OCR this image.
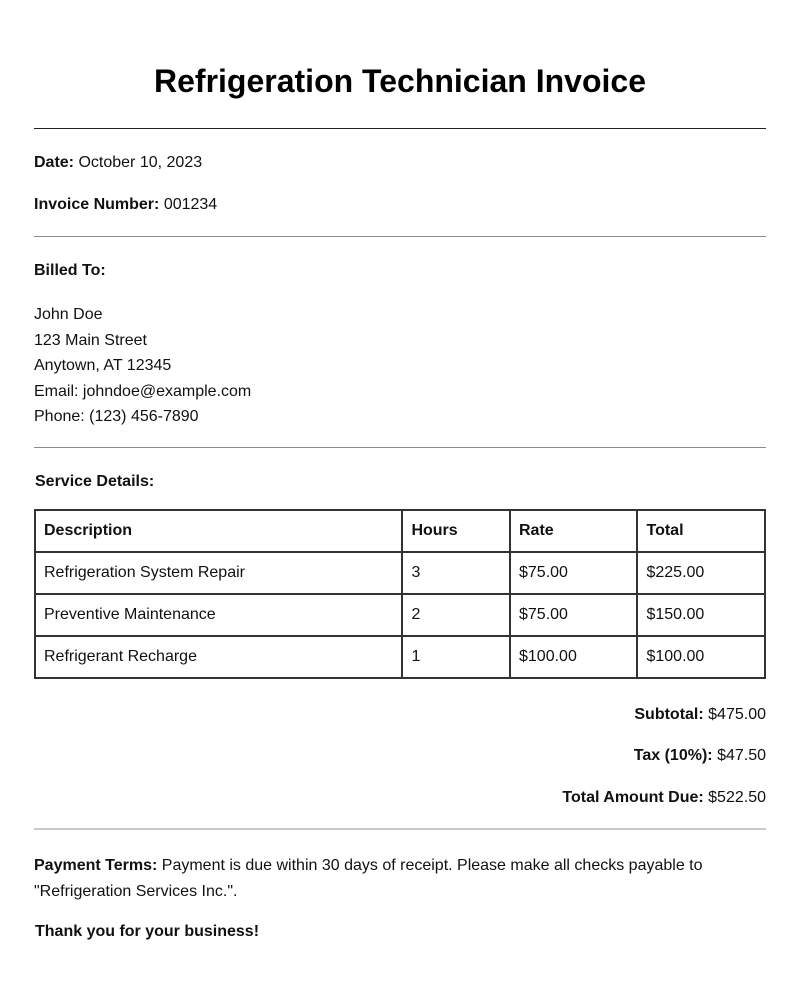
Refrigeration Technician Invoice
Date: October 10, 2023
Invoice Number: 001234
Billed To:
John Doe
123 Main Street
Anytown, AT 12345
Email: johndoe@example.com
Phone: (123) 456-7890
Service Details:
Description	Hours	Rate	Total
Refrigeration System Repair	3	$75.00	$225.00
Preventive Maintenance	2	$75.00	$150.00
Refrigerant Recharge	1	$100.00	$100.00
Subtotal: $475.00
Tax (10%): $47.50
Total Amount Due: $522.50
Payment Terms: Payment is due within 30 days of receipt. Please make all checks payable to "Refrigeration Services Inc.".
Thank you for your business!
